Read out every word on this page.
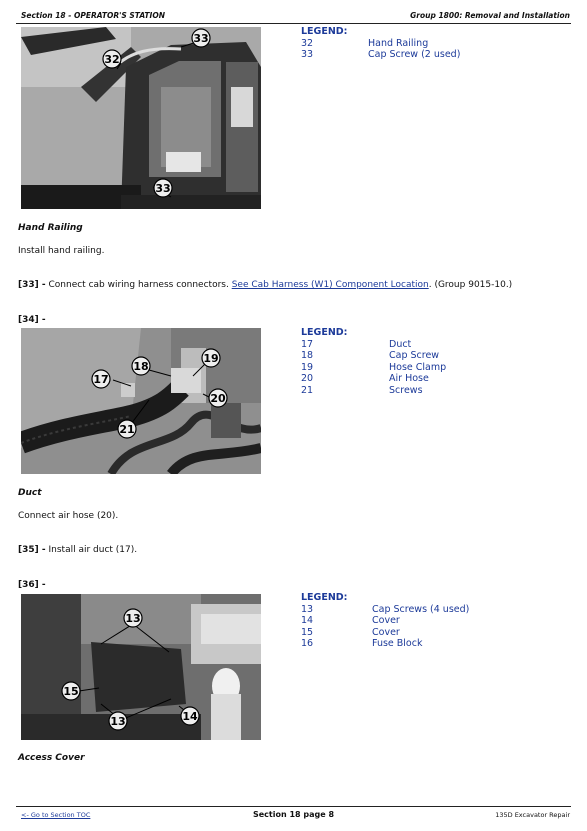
Section 18 - OPERATOR'S STATION	Group 1800: Removal and Installation
33
32
33
LEGEND:
32	Hand Railing
33	Cap Screw (2 used)
Hand Railing
Install hand railing.
[33] - Connect cab wiring harness connectors. See Cab Harness (W1) Component Location. (Group 9015-10.)
[34] -
18
19
17
20
21
LEGEND:
17	Duct
18	Cap Screw
19	Hose Clamp
20	Air Hose
21	Screws
Duct
Connect air hose (20).
[35] - Install air duct (17).
[36] -
13
15
13	14
LEGEND:
13	Cap Screws (4 used)
14	Cover
15	Cover
16	Fuse Block
Access Cover
<- Go to Section TOC	Section 18 page 8	135D Excavator Repair
